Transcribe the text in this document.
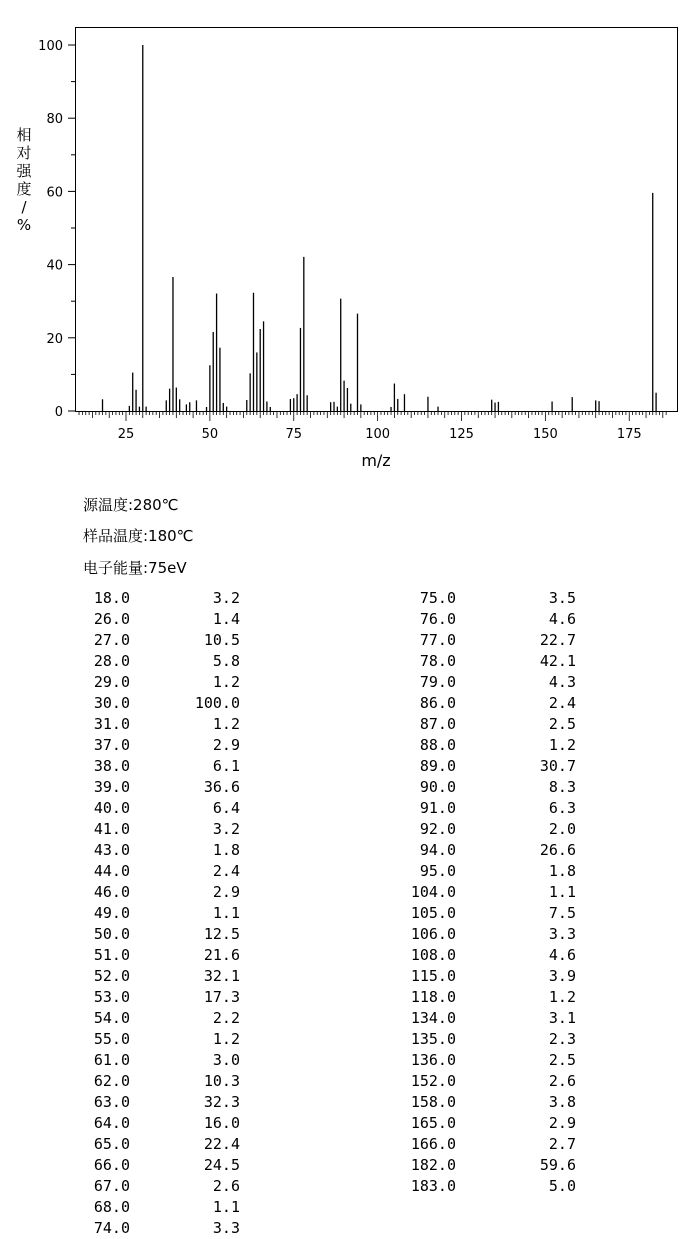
0
20
40
60
80
100
25	50	75	100	125	150	175
m/z
相对强度/ %
源温度:280℃
样品温度:180℃
电子能量:75eV
18.0	3.2
26.0	1.4
27.0	10.5
28.0	5.8
29.0	1.2
30.0	100.0
31.0	1.2
37.0	2.9
38.0	6.1
39.0	36.6
40.0	6.4
41.0	3.2
43.0	1.8
44.0	2.4
46.0	2.9
49.0	1.1
50.0	12.5
51.0	21.6
52.0	32.1
53.0	17.3
54.0	2.2
55.0	1.2
61.0	3.0
62.0	10.3
63.0	32.3
64.0	16.0
65.0	22.4
66.0	24.5
67.0	2.6
68.0	1.1
74.0	3.3
75.0	3.5
76.0	4.6
77.0	22.7
78.0	42.1
79.0	4.3
86.0	2.4
87.0	2.5
88.0	1.2
89.0	30.7
90.0	8.3
91.0	6.3
92.0	2.0
94.0	26.6
95.0	1.8
104.0	1.1
105.0	7.5
106.0	3.3
108.0	4.6
115.0	3.9
118.0	1.2
134.0	3.1
135.0	2.3
136.0	2.5
152.0	2.6
158.0	3.8
165.0	2.9
166.0	2.7
182.0	59.6
183.0	5.0
